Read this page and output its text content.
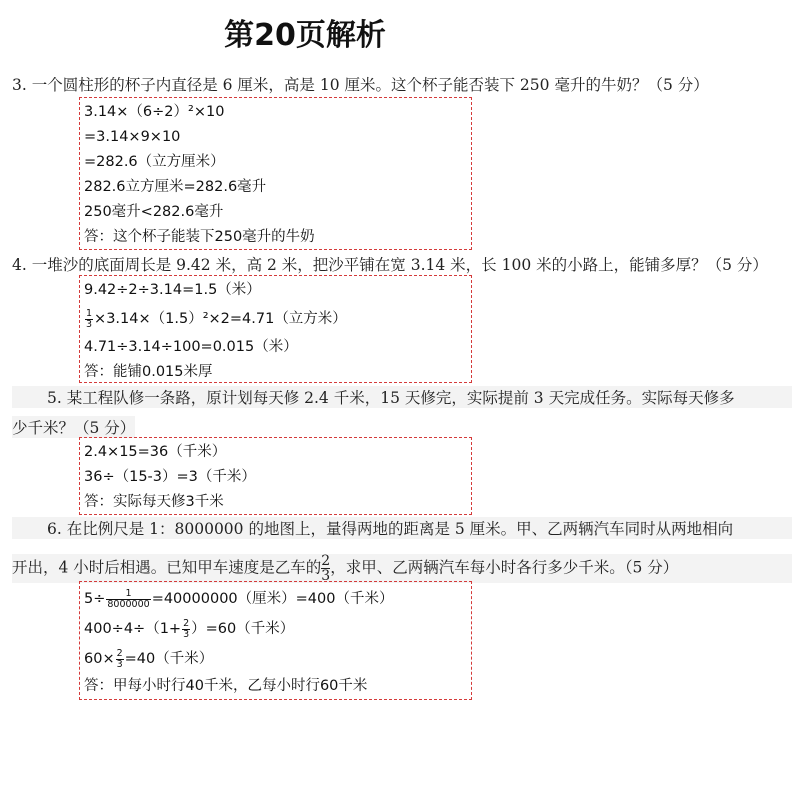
第20页解析
3. 一个圆柱形的杯子内直径是 6 厘米，高是 10 厘米。这个杯子能否装下 250 毫升的牛奶？（5 分）
3.14×（6÷2）²×10
=3.14×9×10
=282.6（立方厘米）
282.6立方厘米=282.6毫升
250毫升<282.6毫升
答：这个杯子能装下250毫升的牛奶
4. 一堆沙的底面周长是 9.42 米，高 2 米，把沙平铺在宽 3.14 米，长 100 米的小路上，能铺多厚？（5 分）
9.42÷2÷3.14=1.5（米）
$\frac{1}{3} \times 3.14\times(1.5)^2\times 2=4.71$（立方米）
4.71÷3.14÷100=0.015（米）
答：能铺0.015米厚
5. 某工程队修一条路，原计划每天修 2.4 千米，15 天修完，实际提前 3 天完成任务。实际每天修多
少千米？（5 分）
2.4×15=36（千米）
36÷（15-3）=3（千米）
答：实际每天修3千米
6. 在比例尺是 1：8000000 的地图上，量得两地的距离是 5 厘米。甲、乙两辆汽车同时从两地相向
开出，4 小时后相遇。已知甲车速度是乙车的 $\frac{2}{3}$，求甲、乙两辆汽车每小时各行多少千米。（5 分）
$5\div \frac{1}{8000000} =40000000$（厘米）=400（千米）
$400\div 4\div(1+ \frac{2}{3} )=60$（千米）
$60\times \frac{2}{3} =40$（千米）
答：甲每小时行40千米，乙每小时行60千米
